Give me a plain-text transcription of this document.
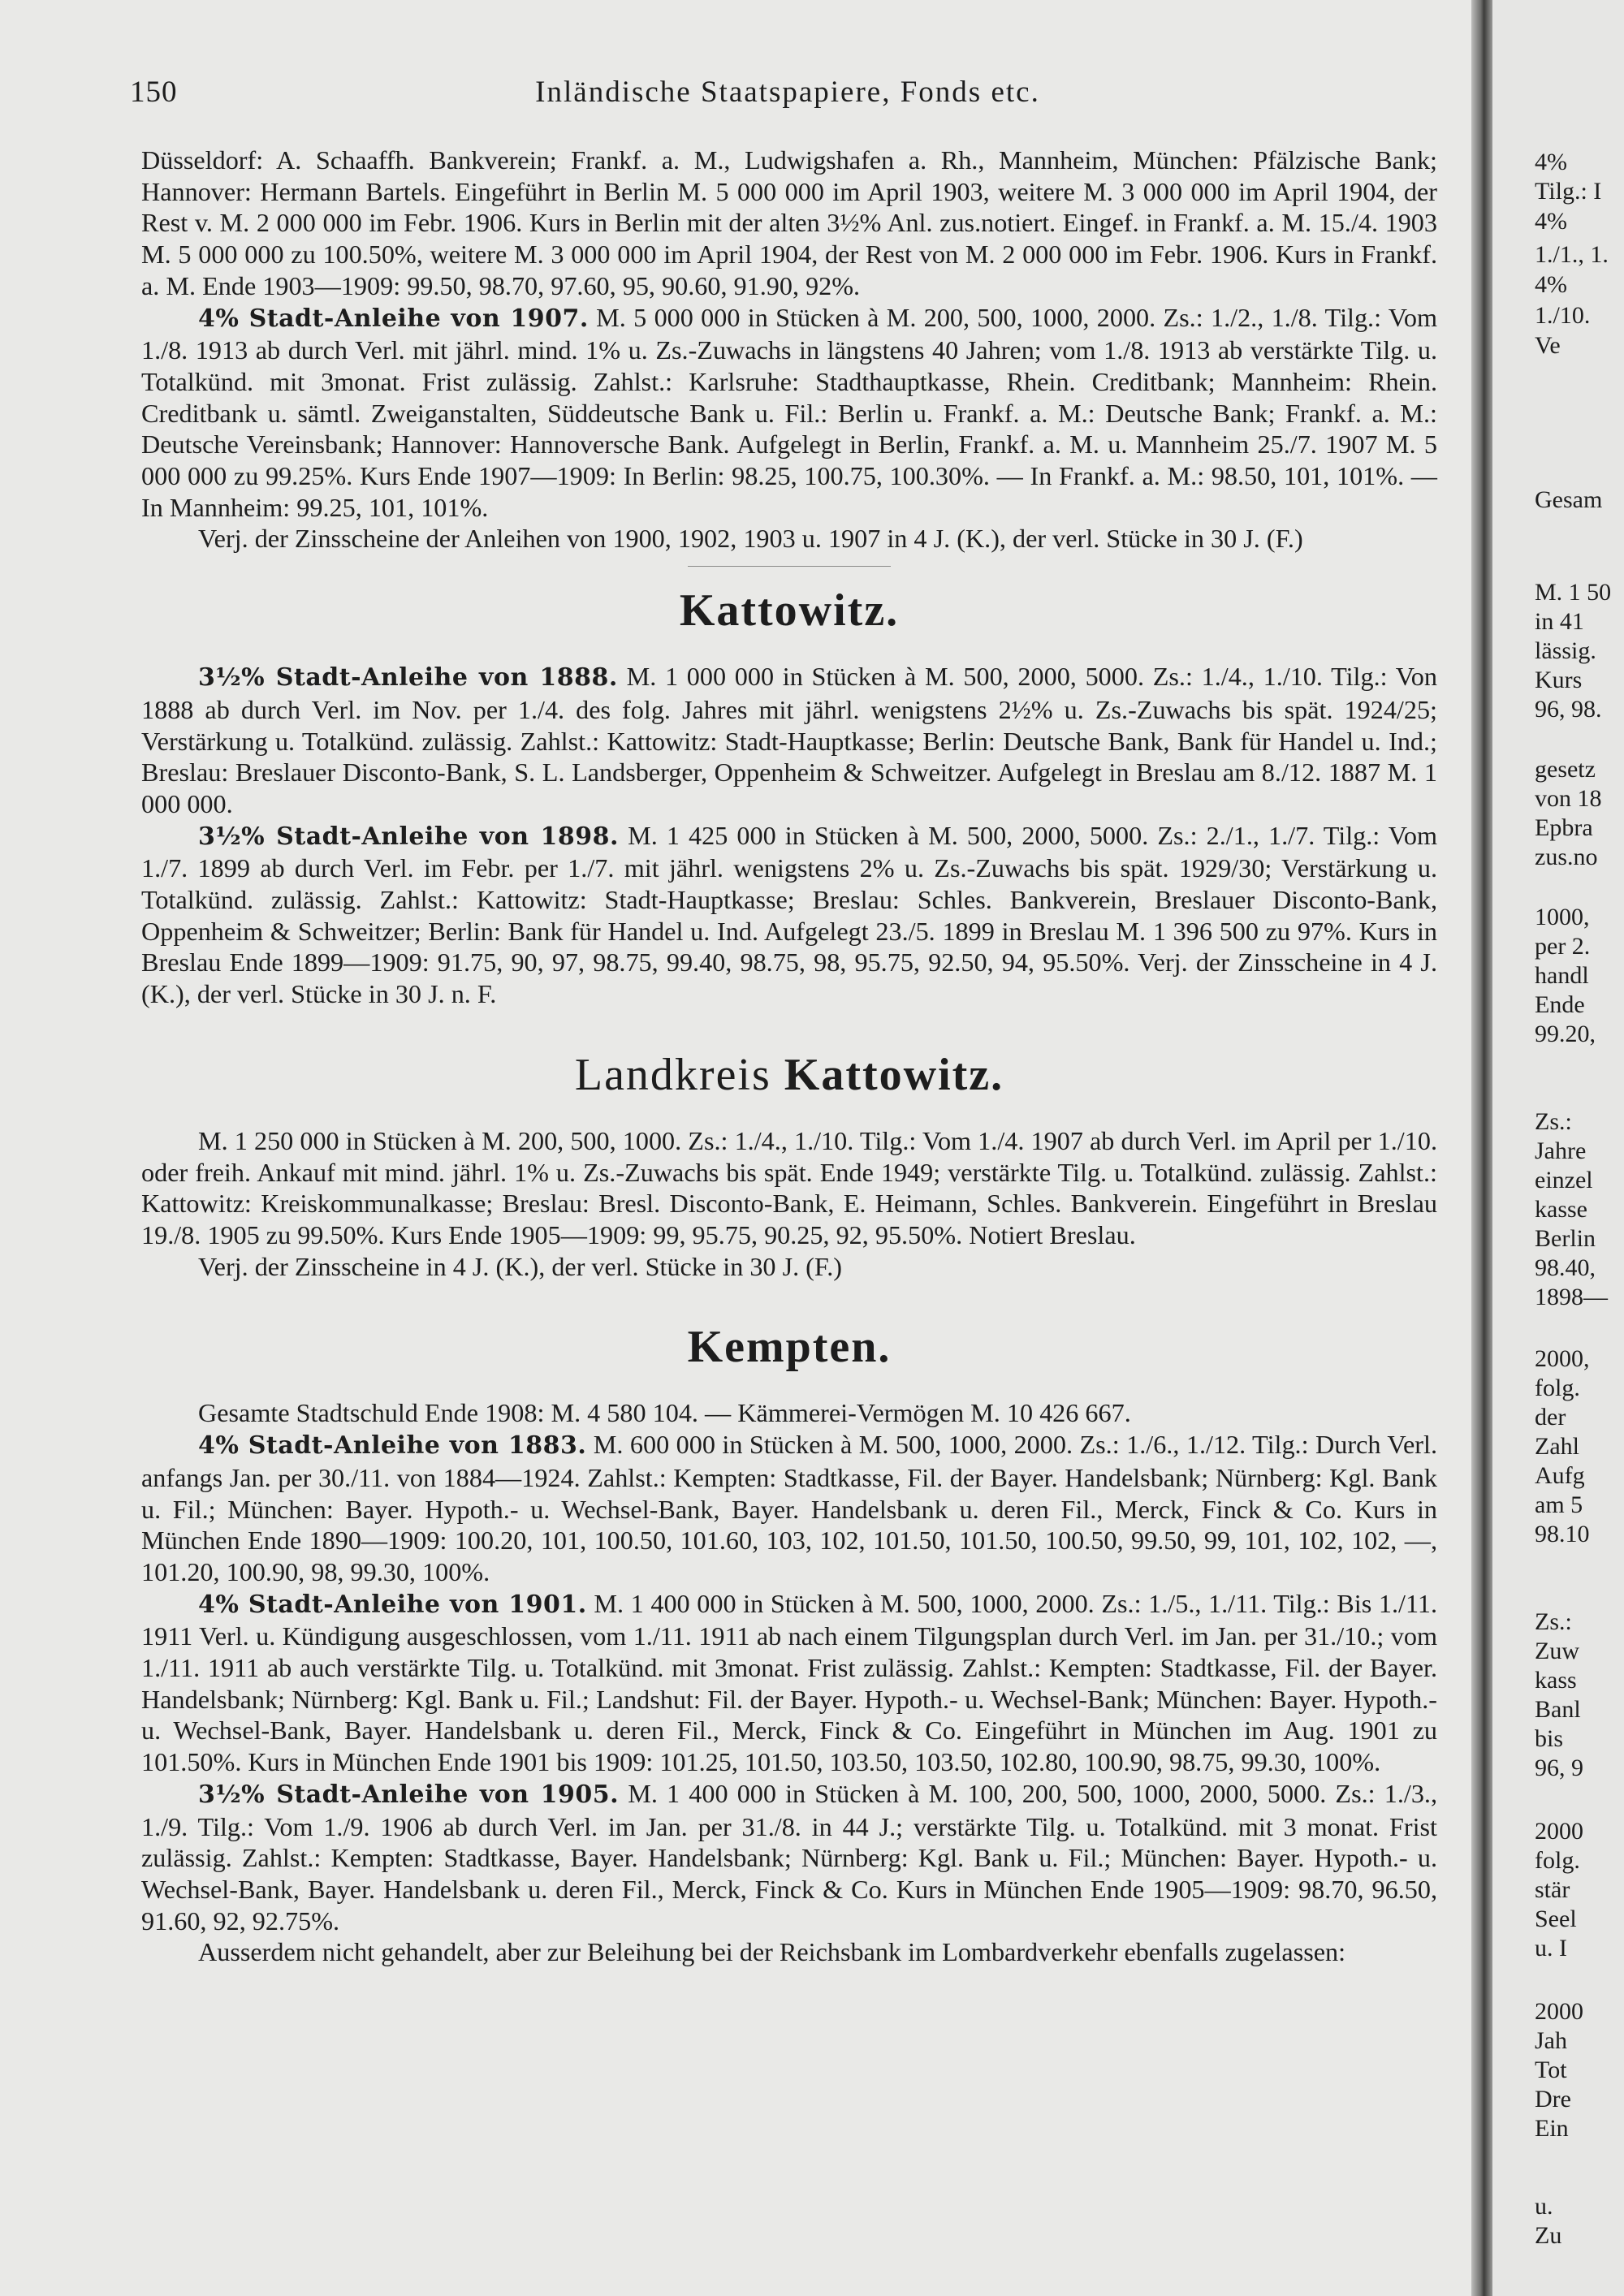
150	Inländische Staatspapiere, Fonds etc.

Düsseldorf: A. Schaaffh. Bankverein; Frankf. a. M., Ludwigshafen a. Rh., Mannheim, München: Pfälzische Bank; Hannover: Hermann Bartels. Eingeführt in Berlin M. 5 000 000 im April 1903, weitere M. 3 000 000 im April 1904, der Rest v. M. 2 000 000 im Febr. 1906. Kurs in Berlin mit der alten 3½% Anl. zus.notiert. Eingef. in Frankf. a. M. 15./4. 1903 M. 5 000 000 zu 100.50%, weitere M. 3 000 000 im April 1904, der Rest von M. 2 000 000 im Febr. 1906. Kurs in Frankf. a. M. Ende 1903—1909: 99.50, 98.70, 97.60, 95, 90.60, 91.90, 92%.

4% Stadt-Anleihe von 1907. M. 5 000 000 in Stücken à M. 200, 500, 1000, 2000. Zs.: 1./2., 1./8. Tilg.: Vom 1./8. 1913 ab durch Verl. mit jährl. mind. 1% u. Zs.-Zuwachs in längstens 40 Jahren; vom 1./8. 1913 ab verstärkte Tilg. u. Totalkünd. mit 3monat. Frist zulässig. Zahlst.: Karlsruhe: Stadthauptkasse, Rhein. Creditbank; Mannheim: Rhein. Creditbank u. sämtl. Zweiganstalten, Süddeutsche Bank u. Fil.: Berlin u. Frankf. a. M.: Deutsche Bank; Frankf. a. M.: Deutsche Vereinsbank; Hannover: Hannoversche Bank. Aufgelegt in Berlin, Frankf. a. M. u. Mannheim 25./7. 1907 M. 5 000 000 zu 99.25%. Kurs Ende 1907—1909: In Berlin: 98.25, 100.75, 100.30%. — In Frankf. a. M.: 98.50, 101, 101%. — In Mannheim: 99.25, 101, 101%.

Verj. der Zinsscheine der Anleihen von 1900, 1902, 1903 u. 1907 in 4 J. (K.), der verl. Stücke in 30 J. (F.)

Kattowitz.

3½% Stadt-Anleihe von 1888. M. 1 000 000 in Stücken à M. 500, 2000, 5000. Zs.: 1./4., 1./10. Tilg.: Von 1888 ab durch Verl. im Nov. per 1./4. des folg. Jahres mit jährl. wenigstens 2½% u. Zs.-Zuwachs bis spät. 1924/25; Verstärkung u. Totalkünd. zulässig. Zahlst.: Kattowitz: Stadt-Hauptkasse; Berlin: Deutsche Bank, Bank für Handel u. Ind.; Breslau: Breslauer Disconto-Bank, S. L. Landsberger, Oppenheim & Schweitzer. Aufgelegt in Breslau am 8./12. 1887 M. 1 000 000.

3½% Stadt-Anleihe von 1898. M. 1 425 000 in Stücken à M. 500, 2000, 5000. Zs.: 2./1., 1./7. Tilg.: Vom 1./7. 1899 ab durch Verl. im Febr. per 1./7. mit jährl. wenigstens 2% u. Zs.-Zuwachs bis spät. 1929/30; Verstärkung u. Totalkünd. zulässig. Zahlst.: Kattowitz: Stadt-Hauptkasse; Breslau: Schles. Bankverein, Breslauer Disconto-Bank, Oppenheim & Schweitzer; Berlin: Bank für Handel u. Ind. Aufgelegt 23./5. 1899 in Breslau M. 1 396 500 zu 97%. Kurs in Breslau Ende 1899—1909: 91.75, 90, 97, 98.75, 99.40, 98.75, 98, 95.75, 92.50, 94, 95.50%. Verj. der Zinsscheine in 4 J. (K.), der verl. Stücke in 30 J. n. F.

Landkreis Kattowitz.

M. 1 250 000 in Stücken à M. 200, 500, 1000. Zs.: 1./4., 1./10. Tilg.: Vom 1./4. 1907 ab durch Verl. im April per 1./10. oder freih. Ankauf mit mind. jährl. 1% u. Zs.-Zuwachs bis spät. Ende 1949; verstärkte Tilg. u. Totalkünd. zulässig. Zahlst.: Kattowitz: Kreiskommunalkasse; Breslau: Bresl. Disconto-Bank, E. Heimann, Schles. Bankverein. Eingeführt in Breslau 19./8. 1905 zu 99.50%. Kurs Ende 1905—1909: 99, 95.75, 90.25, 92, 95.50%. Notiert Breslau.

Verj. der Zinsscheine in 4 J. (K.), der verl. Stücke in 30 J. (F.)

Kempten.

Gesamte Stadtschuld Ende 1908: M. 4 580 104. — Kämmerei-Vermögen M. 10 426 667.

4% Stadt-Anleihe von 1883. M. 600 000 in Stücken à M. 500, 1000, 2000. Zs.: 1./6., 1./12. Tilg.: Durch Verl. anfangs Jan. per 30./11. von 1884—1924. Zahlst.: Kempten: Stadtkasse, Fil. der Bayer. Handelsbank; Nürnberg: Kgl. Bank u. Fil.; München: Bayer. Hypoth.- u. Wechsel-Bank, Bayer. Handelsbank u. deren Fil., Merck, Finck & Co. Kurs in München Ende 1890—1909: 100.20, 101, 100.50, 101.60, 103, 102, 101.50, 101.50, 100.50, 99.50, 99, 101, 102, 102, —, 101.20, 100.90, 98, 99.30, 100%.

4% Stadt-Anleihe von 1901. M. 1 400 000 in Stücken à M. 500, 1000, 2000. Zs.: 1./5., 1./11. Tilg.: Bis 1./11. 1911 Verl. u. Kündigung ausgeschlossen, vom 1./11. 1911 ab nach einem Tilgungsplan durch Verl. im Jan. per 31./10.; vom 1./11. 1911 ab auch verstärkte Tilg. u. Totalkünd. mit 3monat. Frist zulässig. Zahlst.: Kempten: Stadtkasse, Fil. der Bayer. Handelsbank; Nürnberg: Kgl. Bank u. Fil.; Landshut: Fil. der Bayer. Hypoth.- u. Wechsel-Bank; München: Bayer. Hypoth.- u. Wechsel-Bank, Bayer. Handelsbank u. deren Fil., Merck, Finck & Co. Eingeführt in München im Aug. 1901 zu 101.50%. Kurs in München Ende 1901 bis 1909: 101.25, 101.50, 103.50, 103.50, 102.80, 100.90, 98.75, 99.30, 100%.

3½% Stadt-Anleihe von 1905. M. 1 400 000 in Stücken à M. 100, 200, 500, 1000, 2000, 5000. Zs.: 1./3., 1./9. Tilg.: Vom 1./9. 1906 ab durch Verl. im Jan. per 31./8. in 44 J.; verstärkte Tilg. u. Totalkünd. mit 3 monat. Frist zulässig. Zahlst.: Kempten: Stadtkasse, Bayer. Handelsbank; Nürnberg: Kgl. Bank u. Fil.; München: Bayer. Hypoth.- u. Wechsel-Bank, Bayer. Handelsbank u. deren Fil., Merck, Finck & Co. Kurs in München Ende 1905—1909: 98.70, 96.50, 91.60, 92, 92.75%.

Ausserdem nicht gehandelt, aber zur Beleihung bei der Reichsbank im Lombardverkehr ebenfalls zugelassen:

4%
Tilg.: I
4%
1./1., 1.
4%
1./10.
Ve
Gesam
M. 1 50
in 41
lässig.
Kurs
96, 98.
gesetz
von 18
Epbra
zus.no
1000,
per 2.
handl
Ende
99.20,
Zs.:
Jahre
einzel
kasse
Berlin
98.40,
1898—
2000,
folg.
der
Zahl
Aufg
am 5
98.10
Zs.:
Zuw
kass
Banl
bis
96, 9
2000
folg.
stär
Seel
u. I
2000
Jah
Tot
Dre
Ein
u.
Zu
